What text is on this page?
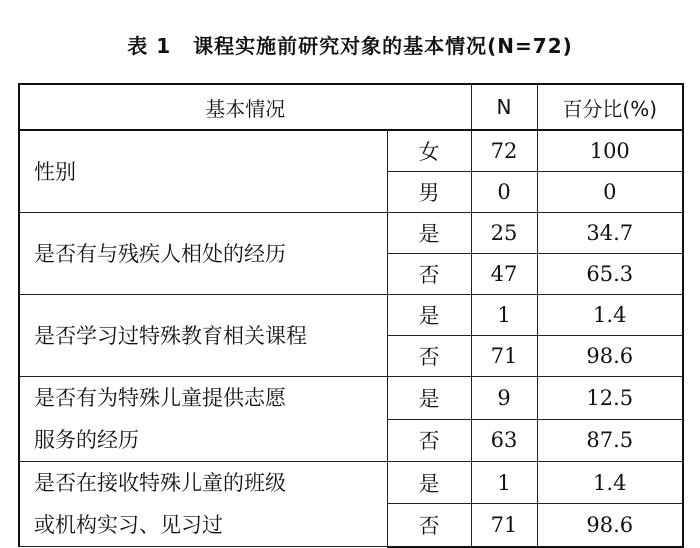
表 1 课程实施前研究对象的基本情况(N=72)
基本情况		N	百分比(%)
性别	女	72	100
	男	0	0
是否有与残疾人相处的经历	是	25	34.7
	否	47	65.3
是否学习过特殊教育相关课程	是	1	1.4
	否	71	98.6

是否有为特殊儿童提供志愿
服务的经历	是	9	12.5
	否	63	87.5

是否在接收特殊儿童的班级
或机构实习、见习过	是	1	1.4
	否	71	98.6
